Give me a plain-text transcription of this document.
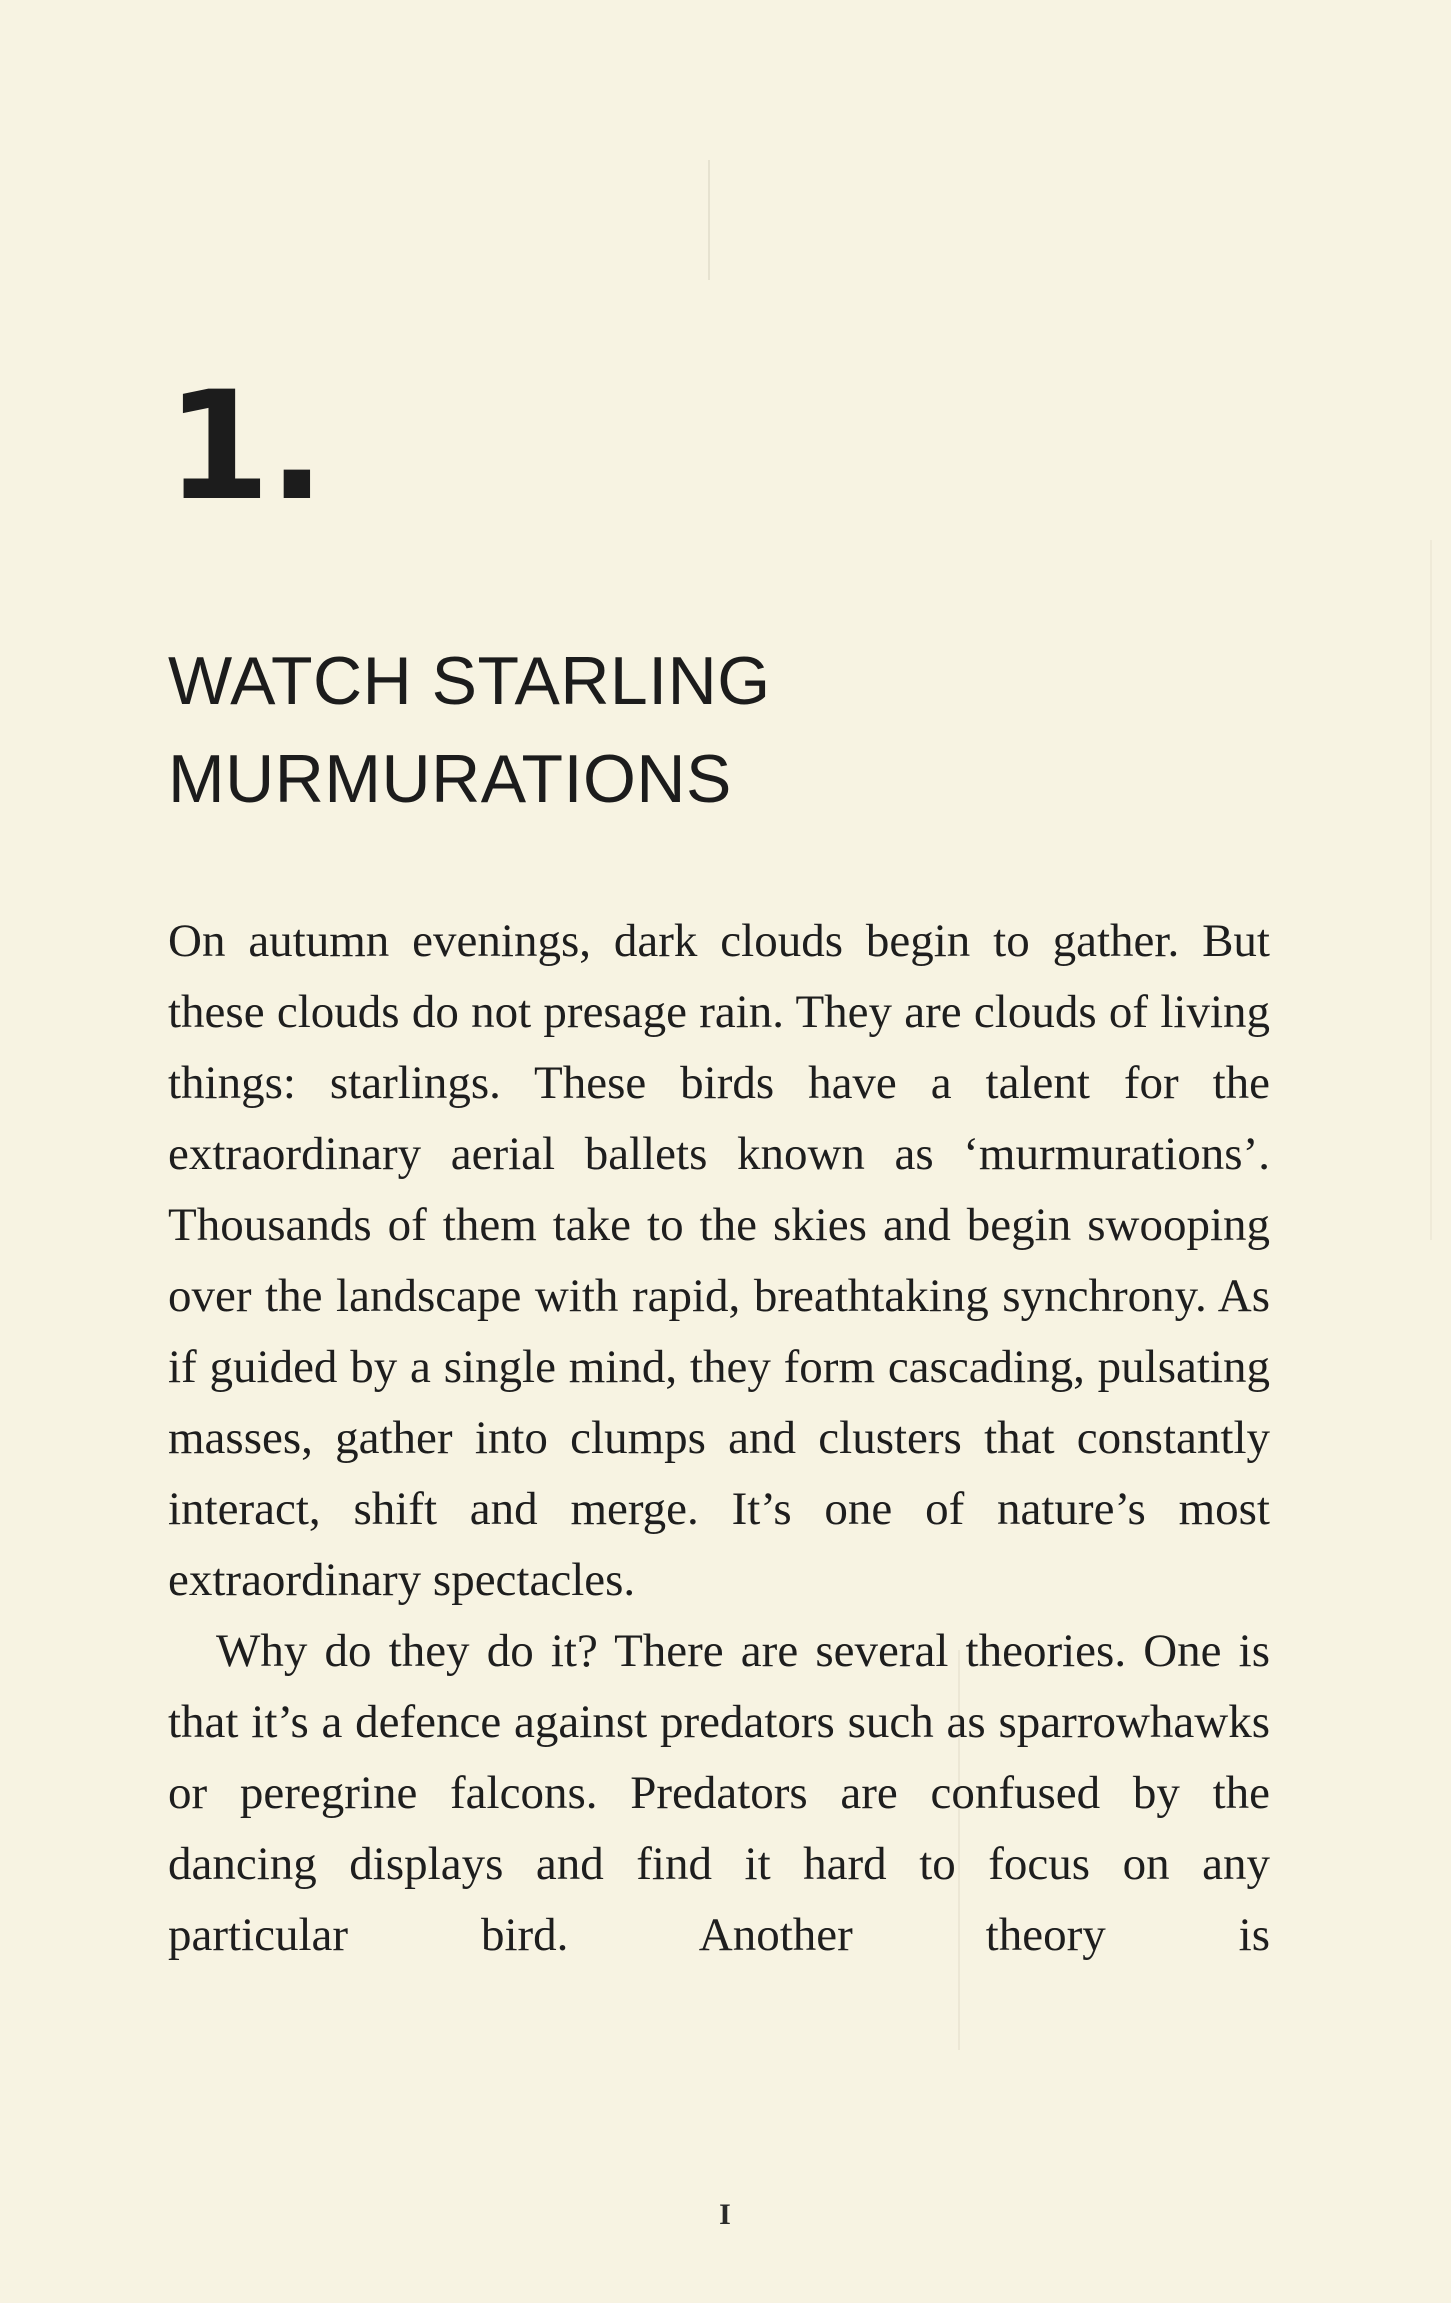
1.
WATCH STARLING
MURMURATIONS

On autumn evenings, dark clouds begin to gather. But these clouds do not presage rain. They are clouds of living things: starlings. These birds have a talent for the extraordinary aerial ballets known as ‘murmurations’. Thousands of them take to the skies and begin swooping over the landscape with rapid, breathtaking synchrony. As if guided by a single mind, they form cascading, pulsating masses, gather into clumps and clusters that constantly interact, shift and merge. It’s one of nature’s most extraordinary spectacles.

Why do they do it? There are several theories. One is that it’s a defence against predators such as sparrowhawks or peregrine falcons. Predators are confused by the dancing displays and find it hard to focus on any particular bird. Another theory is

I
